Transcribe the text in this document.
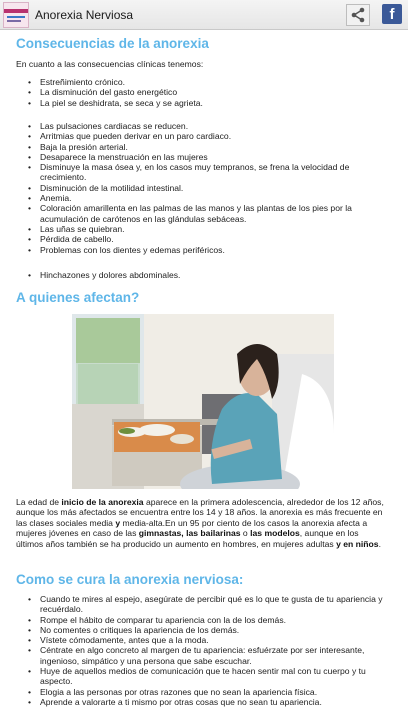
Anorexia Nerviosa	f
Consecuencias de la anorexia
En cuanto a las consecuencias clínicas tenemos:
• Estreñimiento crónico.
• La disminución del gasto energético
• La piel se deshidrata, se seca y se agrieta.
• Las pulsaciones cardiacas se reducen.
• Arritmias que pueden derivar en un paro cardiaco.
• Baja la presión arterial.
• Desaparece la menstruación en las mujeres
• Disminuye la masa ósea y, en los casos muy tempranos, se frena la velocidad de crecimiento.
• Disminución de la motilidad intestinal.
• Anemia.
• Coloración amarillenta en las palmas de las manos y las plantas de los pies por la acumulación de carótenos en las glándulas sebáceas.
• Las uñas se quiebran.
• Pérdida de cabello.
• Problemas con los dientes y edemas periféricos.
• Hinchazones y dolores abdominales.
A quienes afectan?
La edad de inicio de la anorexia aparece en la primera adolescencia, alrededor de los 12 años, aunque los más afectados se encuentra entre los 14 y 18 años. la anorexia es más frecuente en las clases sociales media y media-alta.En un 95 por ciento de los casos la anorexia afecta a mujeres jóvenes en caso de las gimnastas, las bailarinas o las modelos, aunque en los últimos años también se ha producido un aumento en hombres, en mujeres adultas y en niños.
Como se cura la anorexia nerviosa:
• Cuando te mires al espejo, asegúrate de percibir qué es lo que te gusta de tu apariencia y recuérdalo.
• Rompe el hábito de comparar tu apariencia con la de los demás.
• No comentes o critiques la apariencia de los demás.
• Vístete cómodamente, antes que a la moda.
• Céntrate en algo concreto al margen de tu apariencia: esfuérzate por ser interesante, ingenioso, simpático y una persona que sabe escuchar.
• Huye de aquellos medios de comunicación que te hacen sentir mal con tu cuerpo y tu aspecto.
• Elogia a las personas por otras razones que no sean la apariencia física.
• Aprende a valorarte a ti mismo por otras cosas que no sean tu apariencia.
